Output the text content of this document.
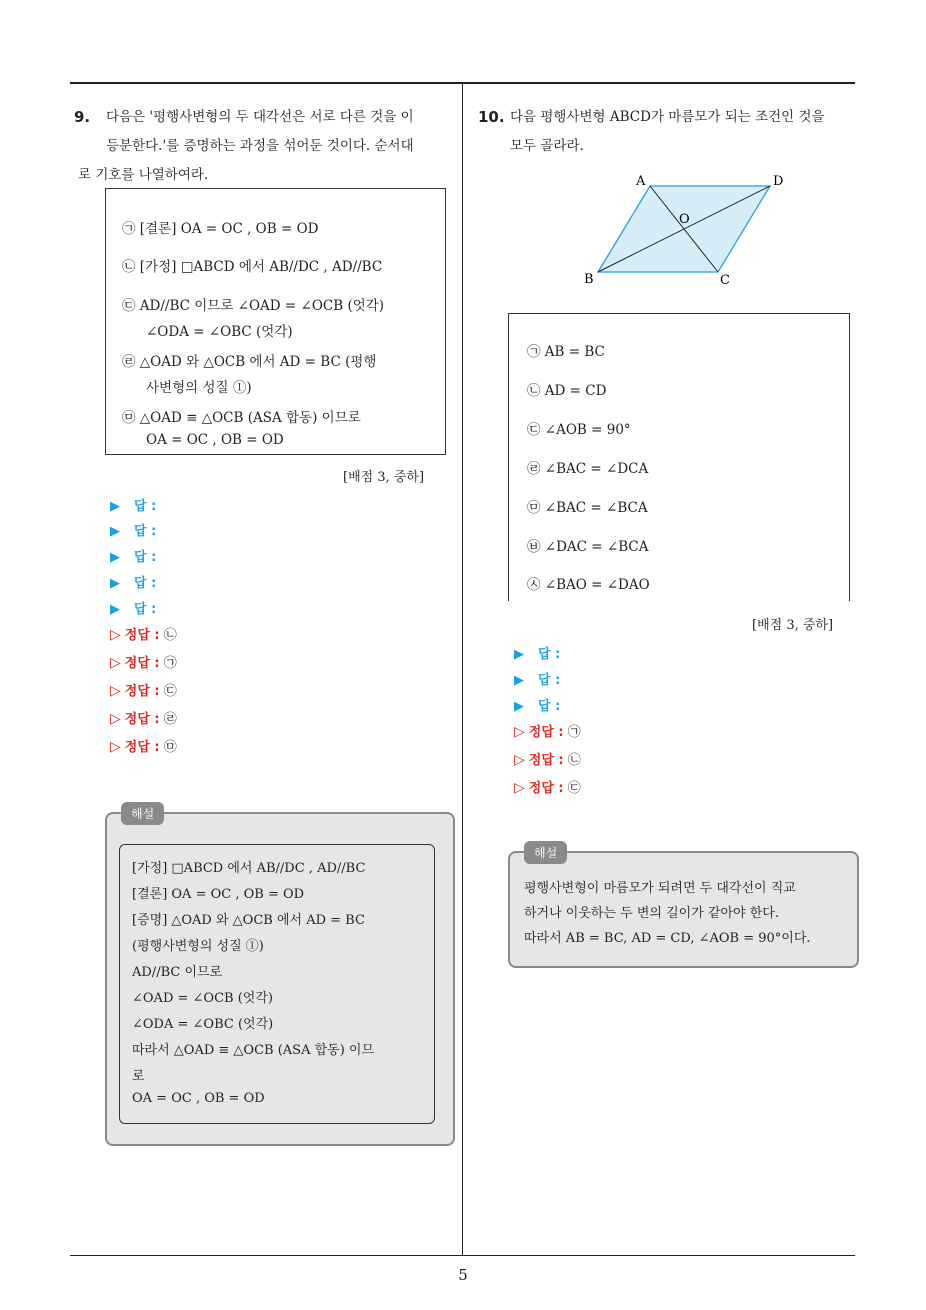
5
9. 다음은 '평행사변형의 두 대각선은 서로 다른 것을 이
등분한다.'를 증명하는 과정을 섞어둔 것이다. 순서대
로 기호를 나열하여라.
㉠ [결론] OA = OC , OB = OD
㉡ [가정] □ABCD 에서 AB//DC , AD//BC
㉢ AD//BC 이므로 ∠OAD = ∠OCB (엇각)
∠ODA = ∠OBC (엇각)
㉣ △OAD 와 △OCB 에서 AD = BC (평행
사변형의 성질 ①)
㉤ △OAD ≡ △OCB (ASA 합동) 이므로
OA = OC , OB = OD
[배점 3, 중하]
▶ 답 :
▶ 답 :
▶ 답 :
▶ 답 :
▶ 답 :
▷ 정답 : ㉡
▷ 정답 : ㉠
▷ 정답 : ㉢
▷ 정답 : ㉣
▷ 정답 : ㉤
해설
[가정] □ABCD 에서 AB//DC , AD//BC
[결론] OA = OC , OB = OD
[증명] △OAD 와 △OCB 에서 AD = BC
(평행사변형의 성질 ①)
AD//BC 이므로
∠OAD = ∠OCB (엇각)
∠ODA = ∠OBC (엇각)
따라서 △OAD ≡ △OCB (ASA 합동) 이므
로
OA = OC , OB = OD
10. 다음 평행사변형 ABCD가 마름모가 되는 조건인 것을
모두 골라라.
A	D
B	C
O
㉠ AB = BC
㉡ AD = CD
㉢ ∠AOB = 90°
㉣ ∠BAC = ∠DCA
㉤ ∠BAC = ∠BCA
㉥ ∠DAC = ∠BCA
㉦ ∠BAO = ∠DAO
[배점 3, 중하]
▶ 답 :
▶ 답 :
▶ 답 :
▷ 정답 : ㉠
▷ 정답 : ㉡
▷ 정답 : ㉢
해설
평행사변형이 마름모가 되려면 두 대각선이 직교
하거나 이웃하는 두 변의 길이가 같아야 한다.
따라서 AB = BC, AD = CD, ∠AOB = 90°이다.
